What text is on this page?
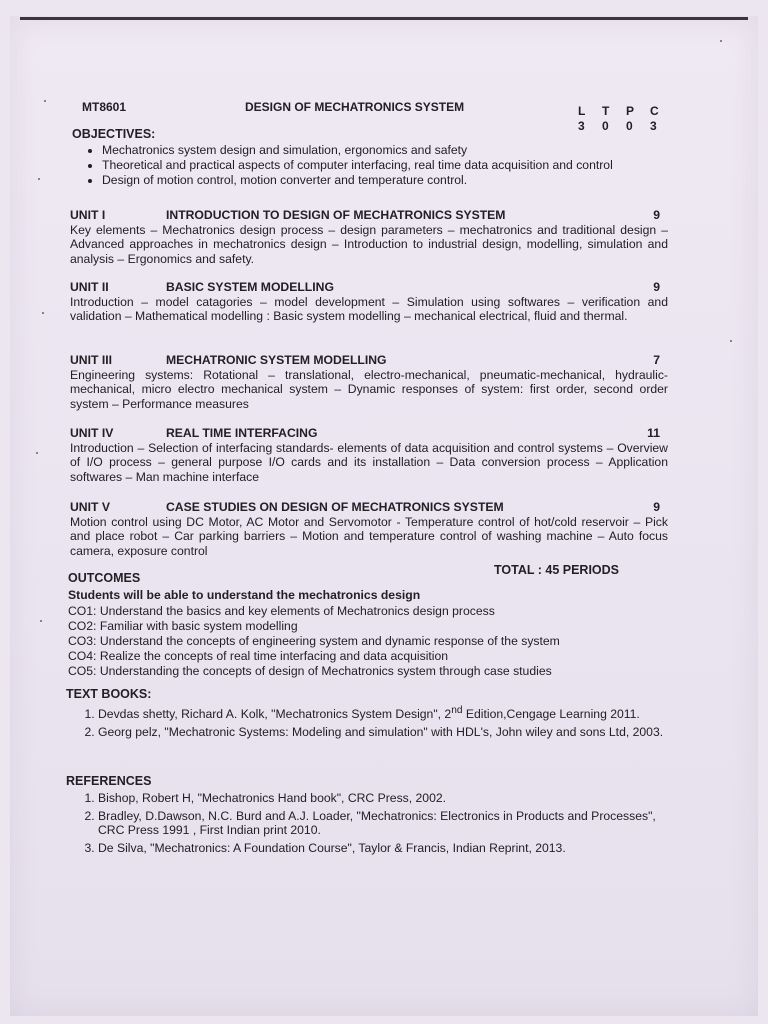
MT8601	DESIGN OF MECHATRONICS SYSTEM	L T P C
3 0 0 3
OBJECTIVES:
• Mechatronics system design and simulation, ergonomics and safety
• Theoretical and practical aspects of computer interfacing, real time data acquisition and control
• Design of motion control, motion converter and temperature control.
UNIT I	INTRODUCTION TO DESIGN OF MECHATRONICS SYSTEM	9
Key elements – Mechatronics design process – design parameters – mechatronics and traditional design – Advanced approaches in mechatronics design – Introduction to industrial design, modelling, simulation and analysis – Ergonomics and safety.
UNIT II	BASIC SYSTEM MODELLING	9
Introduction – model catagories – model development – Simulation using softwares – verification and validation – Mathematical modelling : Basic system modelling – mechanical electrical, fluid and thermal.
UNIT III	MECHATRONIC SYSTEM MODELLING	7
Engineering systems: Rotational – translational, electro-mechanical, pneumatic-mechanical, hydraulic-mechanical, micro electro mechanical system – Dynamic responses of system: first order, second order system – Performance measures
UNIT IV	REAL TIME INTERFACING	11
Introduction – Selection of interfacing standards- elements of data acquisition and control systems – Overview of I/O process – general purpose I/O cards and its installation – Data conversion process – Application softwares – Man machine interface
UNIT V	CASE STUDIES ON DESIGN OF MECHATRONICS SYSTEM	9
Motion control using DC Motor, AC Motor and Servomotor - Temperature control of hot/cold reservoir – Pick and place robot – Car parking barriers – Motion and temperature control of washing machine – Auto focus camera, exposure control
TOTAL : 45 PERIODS
OUTCOMES
Students will be able to understand the mechatronics design
CO1: Understand the basics and key elements of Mechatronics design process
CO2: Familiar with basic system modelling
CO3: Understand the concepts of engineering system and dynamic response of the system
CO4: Realize the concepts of real time interfacing and data acquisition
CO5: Understanding the concepts of design of Mechatronics system through case studies
TEXT BOOKS:
1. Devdas shetty, Richard A. Kolk, "Mechatronics System Design", 2nd Edition,Cengage Learning 2011.
2. Georg pelz, "Mechatronic Systems: Modeling and simulation" with HDL's, John wiley and sons Ltd, 2003.
REFERENCES
1. Bishop, Robert H, "Mechatronics Hand book", CRC Press, 2002.
2. Bradley, D.Dawson, N.C. Burd and A.J. Loader, "Mechatronics: Electronics in Products and Processes", CRC Press 1991 , First Indian print 2010.
3. De Silva, "Mechatronics: A Foundation Course", Taylor & Francis, Indian Reprint, 2013.
